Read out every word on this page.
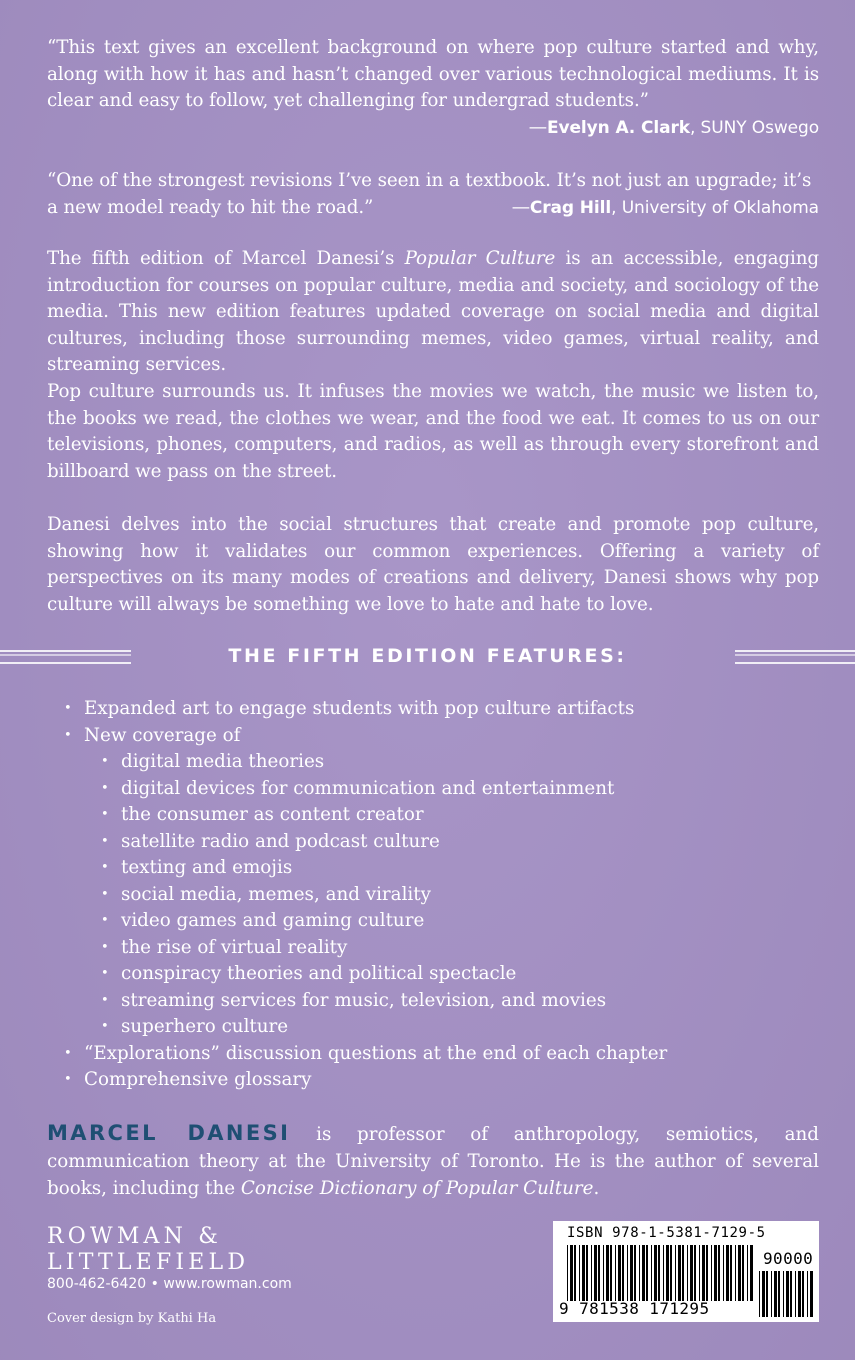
“This text gives an excellent background on where pop culture started and why, along with how it has and hasn’t changed over various technological mediums. It is clear and easy to follow, yet challenging for undergrad students.”

—Evelyn A. Clark, SUNY Oswego

“One of the strongest revisions I’ve seen in a textbook. It’s not just an upgrade; it’s a new model ready to hit the road.”	—Crag Hill, University of Oklahoma

The fifth edition of Marcel Danesi’s Popular Culture is an accessible, engaging introduction for courses on popular culture, media and society, and sociology of the media. This new edition features updated coverage on social media and digital cultures, including those surrounding memes, video games, virtual reality, and streaming services.

Pop culture surrounds us. It infuses the movies we watch, the music we listen to, the books we read, the clothes we wear, and the food we eat. It comes to us on our televisions, phones, computers, and radios, as well as through every storefront and billboard we pass on the street.

Danesi delves into the social structures that create and promote pop culture, showing how it validates our common experiences. Offering a variety of perspectives on its many modes of creations and delivery, Danesi shows why pop culture will always be something we love to hate and hate to love.

THE FIFTH EDITION FEATURES:
• Expanded art to engage students with pop culture artifacts
• New coverage of
• digital media theories
• digital devices for communication and entertainment
• the consumer as content creator
• satellite radio and podcast culture
• texting and emojis
• social media, memes, and virality
• video games and gaming culture
• the rise of virtual reality
• conspiracy theories and political spectacle
• streaming services for music, television, and movies
• superhero culture
• “Explorations” discussion questions at the end of each chapter
• Comprehensive glossary
MARCEL DANESI is professor of anthropology, semiotics, and communication theory at the University of Toronto. He is the author of several books, including the Concise Dictionary of Popular Culture.
ROWMAN &
LITTLEFIELD
800-462-6420 • www.rowman.com
Cover design by Kathi Ha
ISBN 978-1-5381-7129-5
9 781538 171295
90000
